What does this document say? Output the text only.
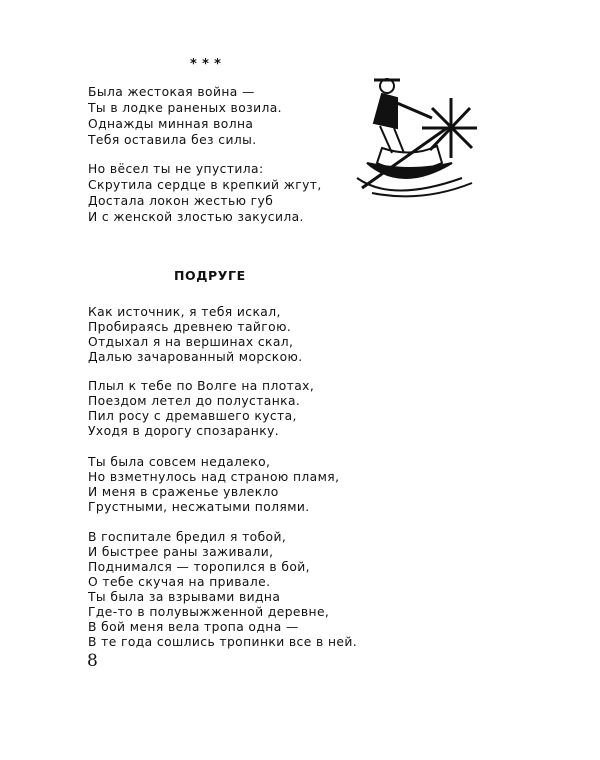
* * *
Была жестокая война —
Ты в лодке раненых возила.
Однажды минная волна
Тебя оставила без силы.
Но вёсел ты не упустила:
Скрутила сердце в крепкий жгут,
Достала локон жестью губ
И с женской злостью закусила.
ПОДРУГЕ
Как источник, я тебя искал,
Пробираясь древнею тайгою.
Отдыхал я на вершинах скал,
Далью зачарованный морскою.
Плыл к тебе по Волге на плотах,
Поездом летел до полустанка.
Пил росу с дремавшего куста,
Уходя в дорогу спозаранку.
Ты была совсем недалеко,
Но взметнулось над страною пламя,
И меня в сраженье увлекло
Грустными, несжатыми полями.
В госпитале бредил я тобой,
И быстрее раны заживали,
Поднимался — торопился в бой,
О тебе скучая на привале.
Ты была за взрывами видна
Где-то в полувыжженной деревне,
В бой меня вела тропа одна —
В те года сошлись тропинки все в ней.
8
